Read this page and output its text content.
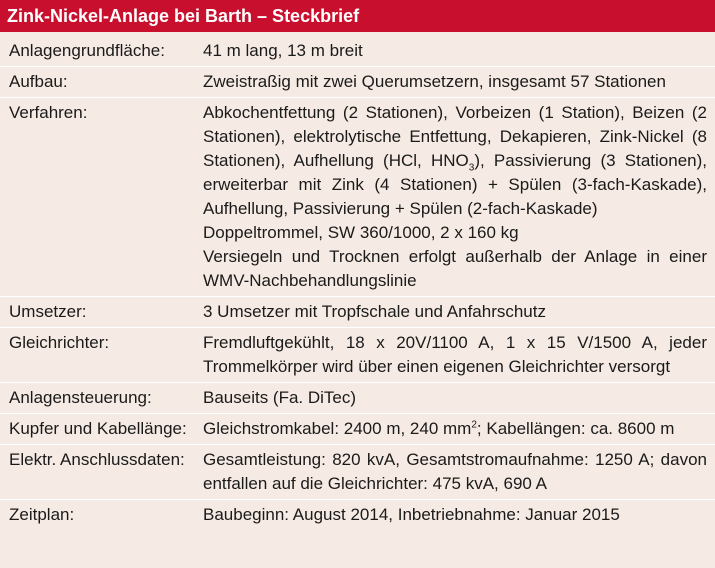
Zink-Nickel-Anlage bei Barth – Steckbrief
Anlagengrundfläche:	41 m lang, 13 m breit
Aufbau:	Zweistraßig mit zwei Querumsetzern, insgesamt 57 Stationen
Verfahren:	Abkochentfettung (2 Stationen), Vorbeizen (1 Station), Beizen (2 Stationen), elektrolytische Entfettung, Dekapieren, Zink-Nickel (8 Stationen), Aufhellung (HCl, $HNO_3$), Passivierung (3 Stationen), erweiterbar mit Zink (4 Stationen) + Spülen (3-fach-Kaskade), Aufhellung, Passivierung + Spülen (2-fach-Kaskade)

Doppeltrommel, SW 360/1000, 2 x 160 kg

Versiegeln und Trocknen erfolgt außerhalb der Anlage in einer WMV-Nachbehandlungslinie

Umsetzer:	3 Umsetzer mit Tropfschale und Anfahrschutz
Gleichrichter:	Fremdluftgekühlt, 18 x 20V/1100 A, 1 x 15 V/1500 A, jeder Trommelkörper wird über einen eigenen Gleichrichter versorgt
Anlagensteuerung:	Bauseits (Fa. DiTec)
Kupfer und Kabellänge: Gleichstromkabel: 2400 m, 240 $mm^2$; Kabellängen: ca. 8600 m
Elektr. Anschlussdaten:	Gesamtleistung: 820 kvA, Gesamtstromaufnahme: 1250 A; davon entfallen auf die Gleichrichter: 475 kvA, 690 A
Zeitplan:	Baubeginn: August 2014, Inbetriebnahme: Januar 2015
